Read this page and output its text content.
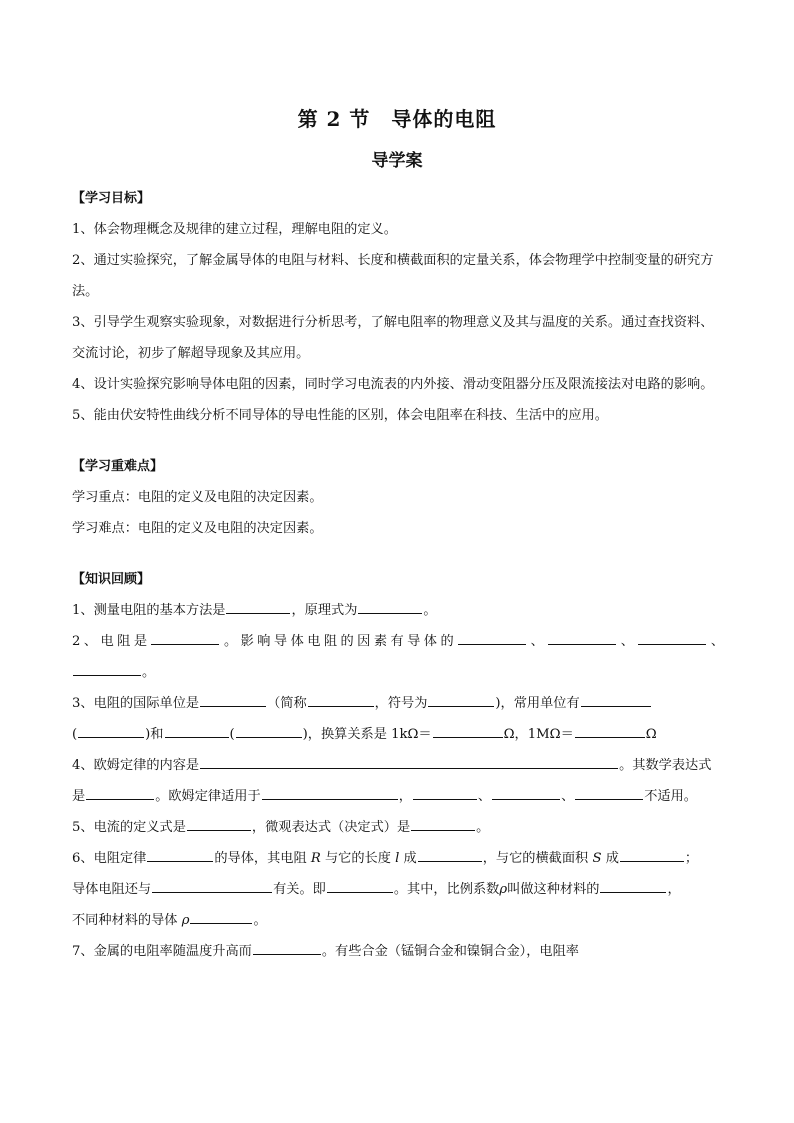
第 2 节　导体的电阻
导学案
【学习目标】
1、体会物理概念及规律的建立过程，理解电阻的定义。
2、通过实验探究，了解金属导体的电阻与材料、长度和横截面积的定量关系，体会物理学中控制变量的研究方法。
3、引导学生观察实验现象，对数据进行分析思考，了解电阻率的物理意义及其与温度的关系。通过查找资料、交流讨论，初步了解超导现象及其应用。
4、设计实验探究影响导体电阻的因素，同时学习电流表的内外接、滑动变阻器分压及限流接法对电路的影响。
5、能由伏安特性曲线分析不同导体的导电性能的区别，体会电阻率在科技、生活中的应用。
【学习重难点】
学习重点：电阻的定义及电阻的决定因素。
学习难点：电阻的定义及电阻的决定因素。
【知识回顾】
1、测量电阻的基本方法是	，原理式为	。
2、电阻是	。影响导体电阻的因素有导体的	、	、	、
。
3、电阻的国际单位是	（简称	，符号为	)，常用单位有
(	)和	(	)，换算关系是 1kΩ＝	Ω，1MΩ＝	Ω
4、欧姆定律的内容是	。其数学表达式
是	。欧姆定律适用于	，	、	、	不适用。
5、电流的定义式是	，微观表达式（决定式）是	。
6、电阻定律	的导体，其电阻 R 与它的长度 l 成	，与它的横截面积 S 成	；
导体电阻还与	有关。即	。其中，比例系数ρ叫做这种材料的	，
不同种材料的导体 ρ	。
7、金属的电阻率随温度升高而	。有些合金（锰铜合金和镍铜合金），电阻率
